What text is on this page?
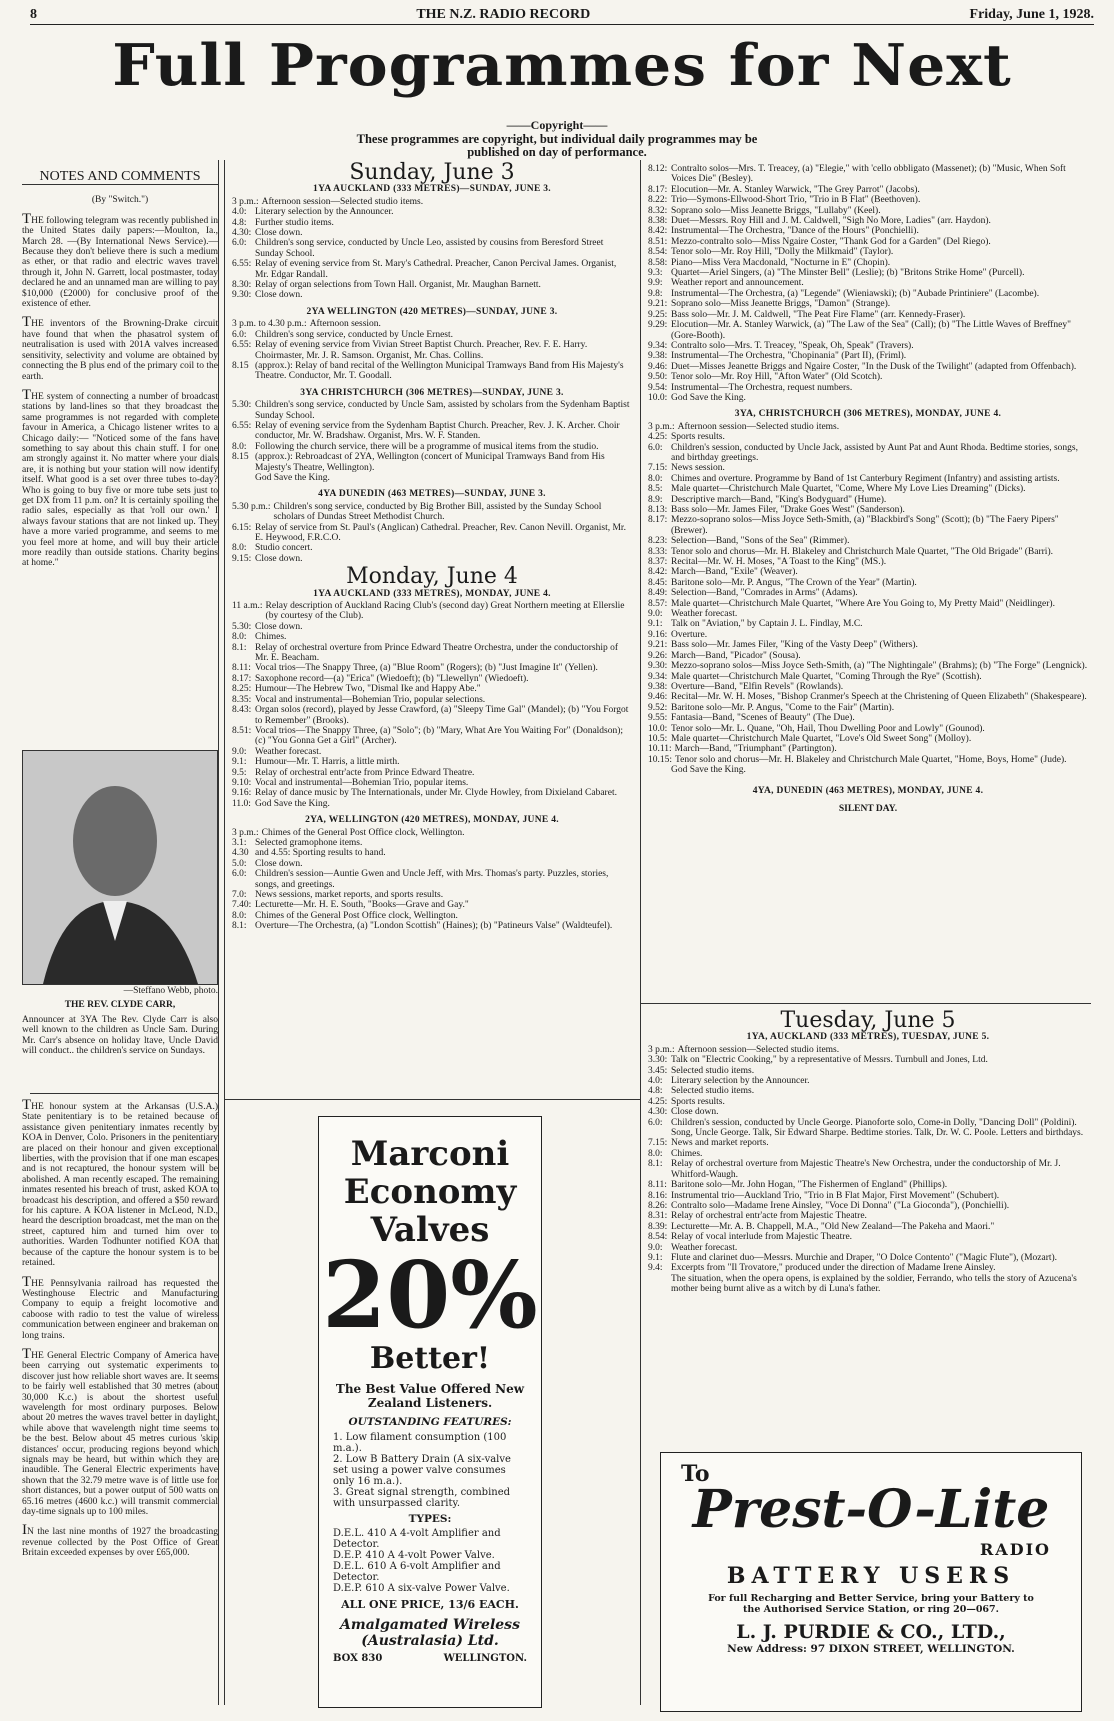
8	THE N.Z. RADIO RECORD	Friday, June 1, 1928.
Full Programmes for Next
——Copyright——
These programmes are copyright, but individual daily programmes may be published on day of performance.
NOTES AND COMMENTS
(By "Switch.")

THE following telegram was recently published in the United States daily papers:—Moulton, Ia., March 28. —(By International News Service).— Because they don't believe there is such a medium as ether, or that radio and electric waves travel through it, John N. Garrett, local postmaster, today declared he and an unnamed man are willing to pay $10,000 (£2000) for conclusive proof of the existence of ether.

THE inventors of the Browning-Drake circuit have found that when the phasatrol system of neutralisation is used with 201A valves increased sensitivity, selectivity and volume are obtained by connecting the B plus end of the primary coil to the earth.

THE system of connecting a number of broadcast stations by land-lines so that they broadcast the same programmes is not regarded with complete favour in America, a Chicago listener writes to a Chicago daily:— "Noticed some of the fans have something to say about this chain stuff. I for one am strongly against it. No matter where your dials are, it is nothing but your station will now identify itself. What good is a set over three tubes to-day? Who is going to buy five or more tube sets just to get DX from 11 p.m. on? It is certainly spoiling the radio sales, especially as that 'roll our own.' I always favour stations that are not linked up. They have a more varied programme, and seems to me you feel more at home, and will buy their article more readily than outside stations. Charity begins at home."

—Steffano Webb, photo.
THE REV. CLYDE CARR,
Announcer at 3YA The Rev. Clyde Carr is also well known to the children as Uncle Sam. During Mr. Carr's absence on holiday ltave, Uncle David will conduct.. the children's service on Sundays.

THE honour system at the Arkansas (U.S.A.) State penitentiary is to be retained because of assistance given penitentiary inmates recently by KOA in Denver, Colo. Prisoners in the penitentiary are placed on their honour and given exceptional liberties, with the provision that if one man escapes and is not recaptured, the honour system will be abolished. A man recently escaped. The remaining inmates resented his breach of trust, asked KOA to broadcast his description, and offered a $50 reward for his capture. A KOA listener in McLeod, N.D., heard the description broadcast, met the man on the street, captured him and turned him over to authorities. Warden Todhunter notified KOA that because of the capture the honour system is to be retained.

THE Pennsylvania railroad has requested the Westinghouse Electric and Manufacturing Company to equip a freight locomotive and caboose with radio to test the value of wireless communication between engineer and brakeman on long trains.

THE General Electric Company of America have been carrying out systematic experiments to discover just how reliable short waves are. It seems to be fairly well established that 30 metres (about 30,000 K.c.) is about the shortest useful wavelength for most ordinary purposes. Below about 20 metres the waves travel better in daylight, while above that wavelength night time seems to be the best. Below about 45 metres curious 'skip distances' occur, producing regions beyond which signals may be heard, but within which they are inaudible. The General Electric experiments have shown that the 32.79 metre wave is of little use for short distances, but a power output of 500 watts on 65.16 metres (4600 k.c.) will transmit commercial day-time signals up to 100 miles.

IN the last nine months of 1927 the broadcasting revenue collected by the Post Office of Great Britain exceeded expenses by over £65,000.

Sunday, June 3
1YA AUCKLAND (333 METRES)—SUNDAY, JUNE 3.
3 p.m.: Afternoon session—Selected studio items.
4.0: Literary selection by the Announcer.
4.8: Further studio items.
4.30: Close down.
6.0: Children's song service, conducted by Uncle Leo, assisted by cousins from Beresford Street Sunday School.
6.55: Relay of evening service from St. Mary's Cathedral. Preacher, Canon Percival James. Organist, Mr. Edgar Randall.
8.30: Relay of organ selections from Town Hall. Organist, Mr. Maughan Barnett.
9.30: Close down.
2YA WELLINGTON (420 METRES)—SUNDAY, JUNE 3.
3 p.m. to 4.30 p.m.: Afternoon session.
6.0: Children's song service, conducted by Uncle Ernest.
6.55: Relay of evening service from Vivian Street Baptist Church. Preacher, Rev. F. E. Harry. Choirmaster, Mr. J. R. Samson. Organist, Mr. Chas. Collins.
8.15 (approx.): Relay of band recital of the Wellington Municipal Tramways Band from His Majesty's Theatre. Conductor, Mr. T. Goodall.
3YA CHRISTCHURCH (306 METRES)—SUNDAY, JUNE 3.
5.30: Children's song service, conducted by Uncle Sam, assisted by scholars from the Sydenham Baptist Sunday School.
6.55: Relay of evening service from the Sydenham Baptist Church. Preacher, Rev. J. K. Archer. Choir conductor, Mr. W. Bradshaw. Organist, Mrs. W. F. Standen.
8.0: Following the church service, there will be a programme of musical items from the studio.
8.15 (approx.): Rebroadcast of 2YA, Wellington (concert of Municipal Tramways Band from His Majesty's Theatre, Wellington).
God Save the King.
4YA DUNEDIN (463 METRES)—SUNDAY, JUNE 3.
5.30 p.m.: Children's song service, conducted by Big Brother Bill, assisted by the Sunday School scholars of Dundas Street Methodist Church.
6.15: Relay of service from St. Paul's (Anglican) Cathedral. Preacher, Rev. Canon Nevill. Organist, Mr. E. Heywood, F.R.C.O.
8.0: Studio concert.
9.15: Close down.
Monday, June 4
1YA AUCKLAND (333 METRES), MONDAY, JUNE 4.
11 a.m.: Relay description of Auckland Racing Club's (second day) Great Northern meeting at Ellerslie (by courtesy of the Club).
5.30: Close down.
8.0: Chimes.
8.1: Relay of orchestral overture from Prince Edward Theatre Orchestra, under the conductorship of Mr. E. Beacham.
8.11: Vocal trios—The Snappy Three, (a) "Blue Room" (Rogers); (b) "Just Imagine It" (Yellen).
8.17: Saxophone record—(a) "Erica" (Wiedoeft); (b) "Llewellyn" (Wiedoeft).
8.25: Humour—The Hebrew Two, "Dismal Ike and Happy Abe."
8.35: Vocal and instrumental—Bohemian Trio, popular selections.
8.43: Organ solos (record), played by Jesse Crawford, (a) "Sleepy Time Gal" (Mandel); (b) "You Forgot to Remember" (Brooks).
8.51: Vocal trios—The Snappy Three, (a) "Solo"; (b) "Mary, What Are You Waiting For" (Donaldson); (c) "You Gonna Get a Girl" (Archer).
9.0: Weather forecast.
9.1: Humour—Mr. T. Harris, a little mirth.
9.5: Relay of orchestral entr'acte from Prince Edward Theatre.
9.10: Vocal and instrumental—Bohemian Trio, popular items.
9.16: Relay of dance music by The Internationals, under Mr. Clyde Howley, from Dixieland Cabaret.
11.0: God Save the King.
2YA, WELLINGTON (420 METRES), MONDAY, JUNE 4.
3 p.m.: Chimes of the General Post Office clock, Wellington.
3.1: Selected gramophone items.
4.30 and 4.55: Sporting results to hand.
5.0: Close down.
6.0: Children's session—Auntie Gwen and Uncle Jeff, with Mrs. Thomas's party. Puzzles, stories, songs, and greetings.
7.0: News sessions, market reports, and sports results.
7.40: Lecturette—Mr. H. E. South, "Books—Grave and Gay."
8.0: Chimes of the General Post Office clock, Wellington.
8.1: Overture—The Orchestra, (a) "London Scottish" (Haines); (b) "Patineurs Valse" (Waldteufel).
Marconi
Economy
Valves
20%
Better!
The Best Value Offered New Zealand Listeners.
OUTSTANDING FEATURES:
1. Low filament consumption (100 m.a.).
2. Low B Battery Drain (A six-valve set using a power valve consumes only 16 m.a.).
3. Great signal strength, combined with unsurpassed clarity.
TYPES:
D.E.L. 410 A 4-volt Amplifier and Detector.
D.E.P. 410 A 4-volt Power Valve.
D.E.L. 610 A 6-volt Amplifier and Detector.
D.E.P. 610 A six-valve Power Valve.
ALL ONE PRICE, 13/6 EACH.
Amalgamated Wireless (Australasia) Ltd.
BOX 830	WELLINGTON.
8.12: Contralto solos—Mrs. T. Treacey, (a) "Elegie," with 'cello obbligato (Massenet); (b) "Music, When Soft Voices Die" (Besley).
8.17: Elocution—Mr. A. Stanley Warwick, "The Grey Parrot" (Jacobs).
8.22: Trio—Symons-Ellwood-Short Trio, "Trio in B Flat" (Beethoven).
8.32: Soprano solo—Miss Jeanette Briggs, "Lullaby" (Keel).
8.38: Duet—Messrs. Roy Hill and J. M. Caldwell, "Sigh No More, Ladies" (arr. Haydon).
8.42: Instrumental—The Orchestra, "Dance of the Hours" (Ponchielli).
8.51: Mezzo-contralto solo—Miss Ngaire Coster, "Thank God for a Garden" (Del Riego).
8.54: Tenor solo—Mr. Roy Hill, "Dolly the Milkmaid" (Taylor).
8.58: Piano—Miss Vera Macdonald, "Nocturne in E" (Chopin).
9.3: Quartet—Ariel Singers, (a) "The Minster Bell" (Leslie); (b) "Britons Strike Home" (Purcell).
9.9: Weather report and announcement.
9.8: Instrumental—The Orchestra, (a) "Legende" (Wieniawski); (b) "Aubade Printiniere" (Lacombe).
9.21: Soprano solo—Miss Jeanette Briggs, "Damon" (Strange).
9.25: Bass solo—Mr. J. M. Caldwell, "The Peat Fire Flame" (arr. Kennedy-Fraser).
9.29: Elocution—Mr. A. Stanley Warwick, (a) "The Law of the Sea" (Call); (b) "The Little Waves of Breffney" (Gore-Booth).
9.34: Contralto solo—Mrs. T. Treacey, "Speak, Oh, Speak" (Travers).
9.38: Instrumental—The Orchestra, "Chopinania" (Part II), (Friml).
9.46: Duet—Misses Jeanette Briggs and Ngaire Coster, "In the Dusk of the Twilight" (adapted from Offenbach).
9.50: Tenor solo—Mr. Roy Hill, "Afton Water" (Old Scotch).
9.54: Instrumental—The Orchestra, request numbers.
10.0: God Save the King.
3YA, CHRISTCHURCH (306 METRES), MONDAY, JUNE 4.
3 p.m.: Afternoon session—Selected studio items.
4.25: Sports results.
6.0: Children's session, conducted by Uncle Jack, assisted by Aunt Pat and Aunt Rhoda. Bedtime stories, songs, and birthday greetings.
7.15: News session.
8.0: Chimes and overture. Programme by Band of 1st Canterbury Regiment (Infantry) and assisting artists.
8.5: Male quartet—Christchurch Male Quartet, "Come, Where My Love Lies Dreaming" (Dicks).
8.9: Descriptive march—Band, "King's Bodyguard" (Hume).
8.13: Bass solo—Mr. James Filer, "Drake Goes West" (Sanderson).
8.17: Mezzo-soprano solos—Miss Joyce Seth-Smith, (a) "Blackbird's Song" (Scott); (b) "The Faery Pipers" (Brewer).
8.23: Selection—Band, "Sons of the Sea" (Rimmer).
8.33: Tenor solo and chorus—Mr. H. Blakeley and Christchurch Male Quartet, "The Old Brigade" (Barri).
8.37: Recital—Mr. W. H. Moses, "A Toast to the King" (MS.).
8.42: March—Band, "Exile" (Weaver).
8.45: Baritone solo—Mr. P. Angus, "The Crown of the Year" (Martin).
8.49: Selection—Band, "Comrades in Arms" (Adams).
8.57: Male quartet—Christchurch Male Quartet, "Where Are You Going to, My Pretty Maid" (Neidlinger).
9.0: Weather forecast.
9.1: Talk on "Aviation," by Captain J. L. Findlay, M.C.
9.16: Overture.
9.21: Bass solo—Mr. James Filer, "King of the Vasty Deep" (Withers).
9.26: March—Band, "Picador" (Sousa).
9.30: Mezzo-soprano solos—Miss Joyce Seth-Smith, (a) "The Nightingale" (Brahms); (b) "The Forge" (Lengnick).
9.34: Male quartet—Christchurch Male Quartet, "Coming Through the Rye" (Scottish).
9.38: Overture—Band, "Elfin Revels" (Rowlands).
9.46: Recital—Mr. W. H. Moses, "Bishop Cranmer's Speech at the Christening of Queen Elizabeth" (Shakespeare).
9.52: Baritone solo—Mr. P. Angus, "Come to the Fair" (Martin).
9.55: Fantasia—Band, "Scenes of Beauty" (The Due).
10.0: Tenor solo—Mr. L. Quane, "Oh, Hail, Thou Dwelling Poor and Lowly" (Gounod).
10.5: Male quartet—Christchurch Male Quartet, "Love's Old Sweet Song" (Molloy).
10.11: March—Band, "Triumphant" (Partington).
10.15: Tenor solo and chorus—Mr. H. Blakeley and Christchurch Male Quartet, "Home, Boys, Home" (Jude).
God Save the King.
4YA, DUNEDIN (463 METRES), MONDAY, JUNE 4.
SILENT DAY.
Tuesday, June 5
1YA, AUCKLAND (333 METRES), TUESDAY, JUNE 5.
3 p.m.: Afternoon session—Selected studio items.
3.30: Talk on "Electric Cooking," by a representative of Messrs. Turnbull and Jones, Ltd.
3.45: Selected studio items.
4.0: Literary selection by the Announcer.
4.8: Selected studio items.
4.25: Sports results.
4.30: Close down.
6.0: Children's session, conducted by Uncle George. Pianoforte solo, Come-in Dolly, "Dancing Doll" (Poldini). Song, Uncle George. Talk, Sir Edward Sharpe. Bedtime stories. Talk, Dr. W. C. Poole. Letters and birthdays.
7.15: News and market reports.
8.0: Chimes.
8.1: Relay of orchestral overture from Majestic Theatre's New Orchestra, under the conductorship of Mr. J. Whitford-Waugh.
8.11: Baritone solo—Mr. John Hogan, "The Fishermen of England" (Phillips).
8.16: Instrumental trio—Auckland Trio, "Trio in B Flat Major, First Movement" (Schubert).
8.26: Contralto solo—Madame Irene Ainsley, "Voce Di Donna" ("La Gioconda"), (Ponchielli).
8.31: Relay of orchestral entr'acte from Majestic Theatre.
8.39: Lecturette—Mr. A. B. Chappell, M.A., "Old New Zealand—The Pakeha and Maori."
8.54: Relay of vocal interlude from Majestic Theatre.
9.0: Weather forecast.
9.1: Flute and clarinet duo—Messrs. Murchie and Draper, "O Dolce Contento" ("Magic Flute"), (Mozart).
9.4: Excerpts from "Il Trovatore," produced under the direction of Madame Irene Ainsley.
The situation, when the opera opens, is explained by the soldier, Ferrando, who tells the story of Azucena's mother being burnt alive as a witch by di Luna's father.
To
Prest-O-Lite
RADIO
BATTERY USERS
For full Recharging and Better Service, bring your Battery to the Authorised Service Station, or ring 20—067.
L. J. PURDIE & CO., LTD.,
New Address: 97 DIXON STREET, WELLINGTON.
